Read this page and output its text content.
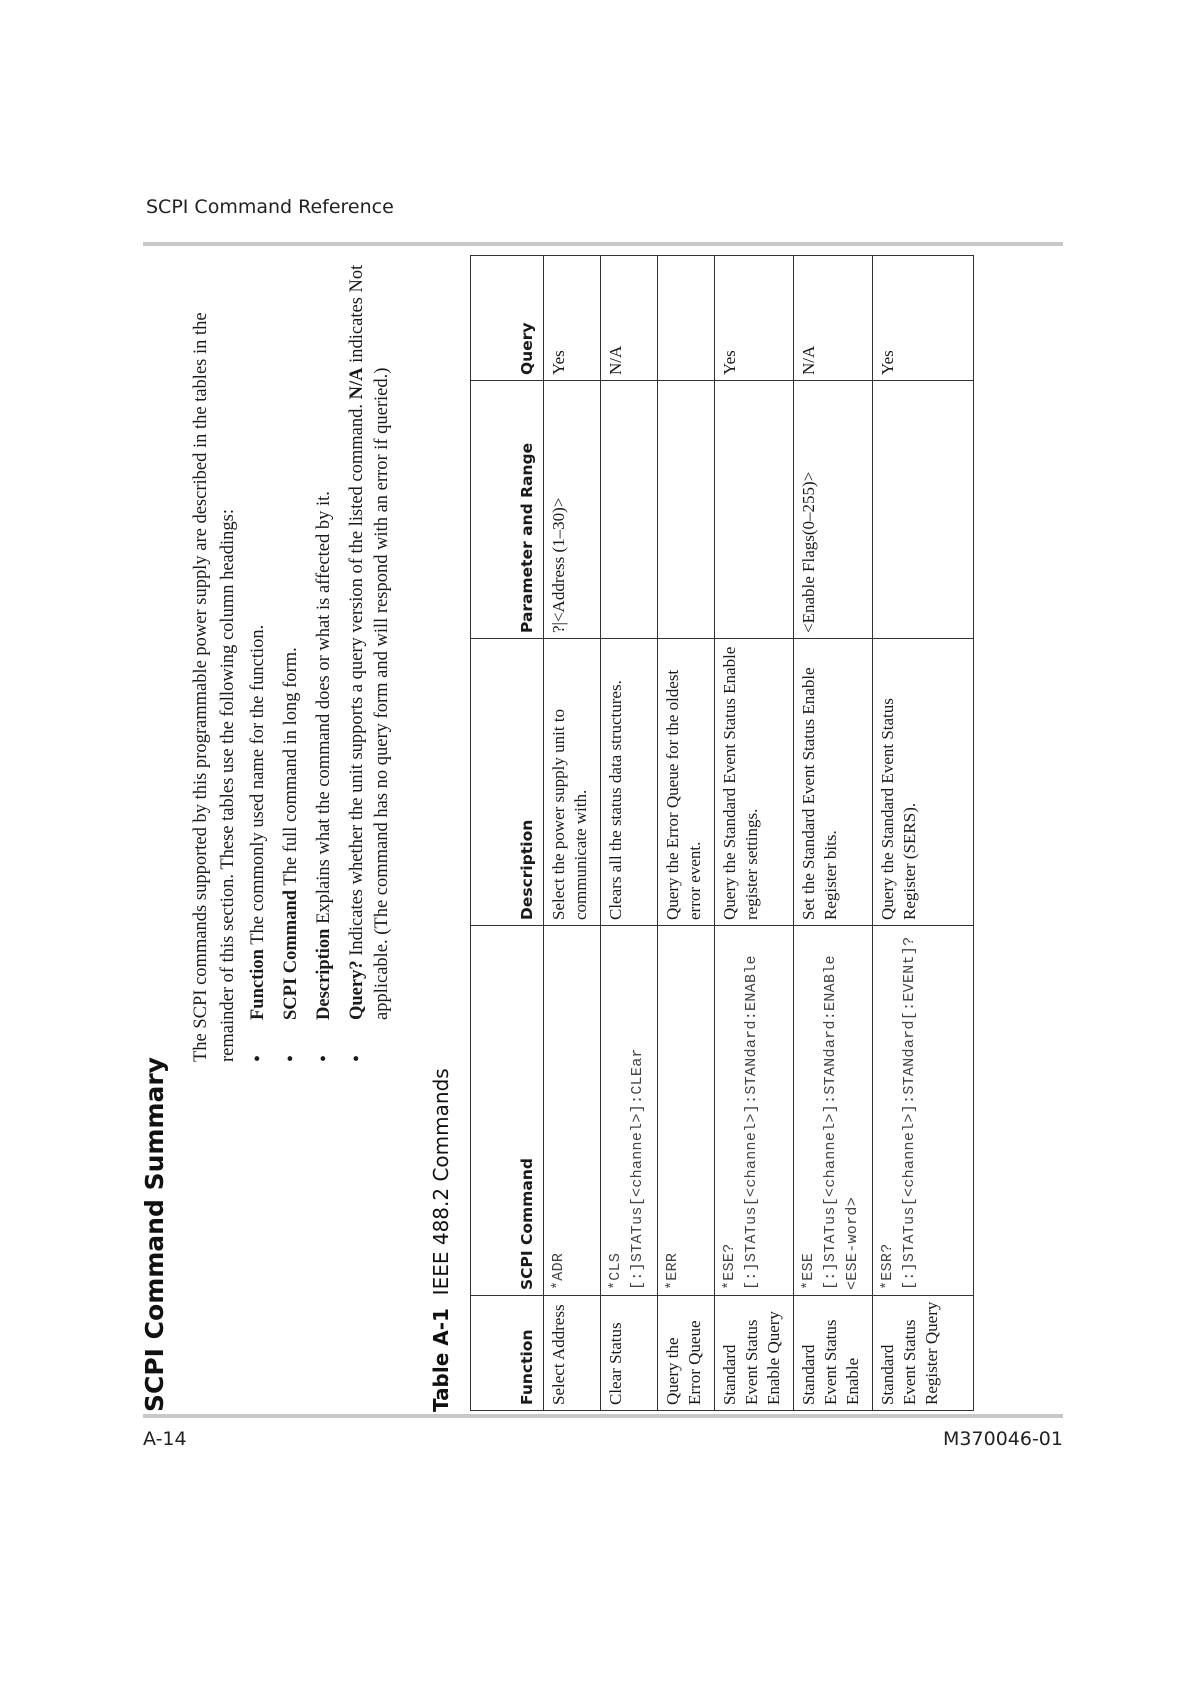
SCPI Command Reference
SCPI Command Summary

The SCPI commands supported by this programmable power supply are described in the tables in the remainder of this section. These tables use the following column headings: •
Function The commonly used name for the function.
•
SCPI Command The full command in long form.
•
Description Explains what the command does or what is affected by it.
•
Query? Indicates whether the unit supports a query version of the listed command. N/A indicates Not applicable. (The command has no query form and will respond with an error if queried.)
Table A-1  IEEE 488.2 Commands
Function	SCPI Command	Description	Parameter and Range	Query
Select Address	*ADR	Select the power supply unit to communicate with.	?|<Address (1–30)>	Yes
Clear Status	*CLS [:]STATus[<channel>]:CLEar	Clears all the status data structures.		N/A
Query the Error Queue	*ERR	Query the Error Queue for the oldest error event.		
Standard Event Status Enable Query	*ESE? [:]STATus[<channel>]:STANdard:ENABle	Query the Standard Event Status Enable register settings.		Yes
Standard Event Status Enable	*ESE [:]STATus[<channel>]:STANdard:ENABle <ESE-word>	Set the Standard Event Status Enable Register bits.	<Enable Flags(0–255)>	N/A
Standard Event Status Register Query	*ESR? [:]STATus[<channel>]:STANdard[:EVENt]?	Query the Standard Event Status Register (SERS).		Yes
A-14	M370046-01
